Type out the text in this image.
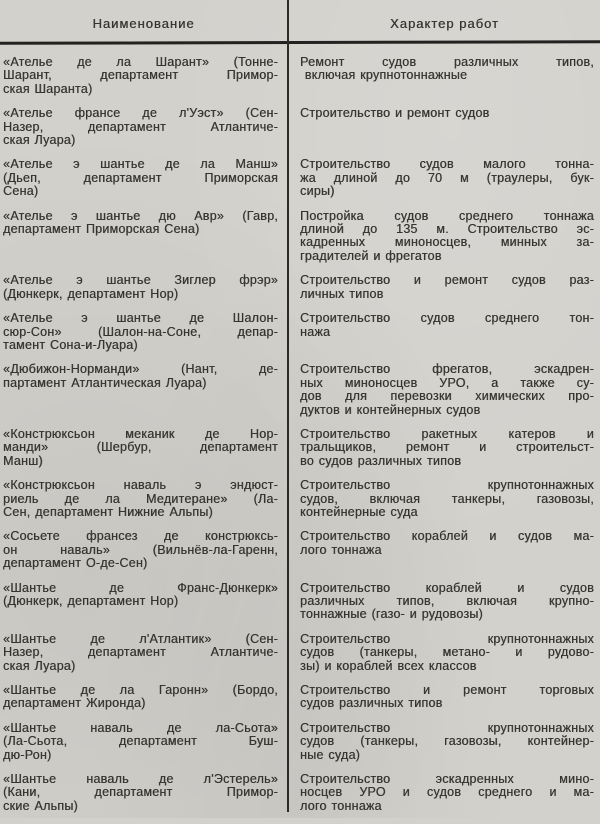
Наименование	Характер работ
«Ателье де ла Шарант» (Тонне-
Шарант, департамент Примор-
ская Шаранта)
Ремонт судов различных типов,
включая крупнотоннажные
«Ателье франсе де л'Уэст» (Сен-
Назер, департамент Атлантиче-
ская Луара)
Строительство и ремонт судов
«Ателье э шантье де ла Манш»
(Дьеп, департамент Приморская
Сена)
Строительство судов малого тонна-
жа длиной до 70 м (траулеры, бук-
сиры)
«Ателье э шантье дю Авр» (Гавр,
департамент Приморская Сена)
Постройка судов среднего тоннажа
длиной до 135 м. Строительство эс-
кадренных миноносцев, минных за-
градителей и фрегатов
«Ателье э шантье Зиглер фрэр»
(Дюнкерк, департамент Нор)
Строительство и ремонт судов раз-
личных типов
«Ателье э шантье де Шалон-
сюр-Сон» (Шалон-на-Соне, депар-
тамент Сона-и-Луара)
Строительство судов среднего тон-
нажа
«Дюбижон-Норманди» (Нант, де-
партамент Атлантическая Луара)
Строительство фрегатов, эскадрен-
ных миноносцев УРО, а также су-
дов для перевозки химических про-
дуктов и контейнерных судов
«Констрюксьон меканик де Нор-
манди» (Шербур, департамент
Манш)
Строительство ракетных катеров и
тральщиков, ремонт и строительст-
во судов различных типов
«Констрюксьон наваль э эндюст-
риель де ла Медитеране» (Ла-
Сен, департамент Нижние Альпы)
Строительство крупнотоннажных
судов, включая танкеры, газовозы,
контейнерные суда
«Сосьете франсез де констрюксь-
он наваль» (Вильнёв-ла-Гаренн,
департамент О-де-Сен)
Строительство кораблей и судов ма-
лого тоннажа
«Шантье де Франс-Дюнкерк»
(Дюнкерк, департамент Нор)
Строительство кораблей и судов
различных типов, включая крупно-
тоннажные (газо- и рудовозы)
«Шантье де л'Атлантик» (Сен-
Назер, департамент Атлантиче-
ская Луара)
Строительство крупнотоннажных
судов (танкеры, метано- и рудово-
зы) и кораблей всех классов
«Шантье де ла Гаронн» (Бордо,
департамент Жиронда)
Строительство и ремонт торговых
судов различных типов
«Шантье наваль де ла-Сьота»
(Ла-Сьота, департамент Буш-
дю-Рон)
Строительство крупнотоннажных
судов (танкеры, газовозы, контейнер-
ные суда)
«Шантье наваль де л'Эстерель»
(Кани, департамент Примор-
ские Альпы)
Строительство эскадренных мино-
носцев УРО и судов среднего и ма-
лого тоннажа
